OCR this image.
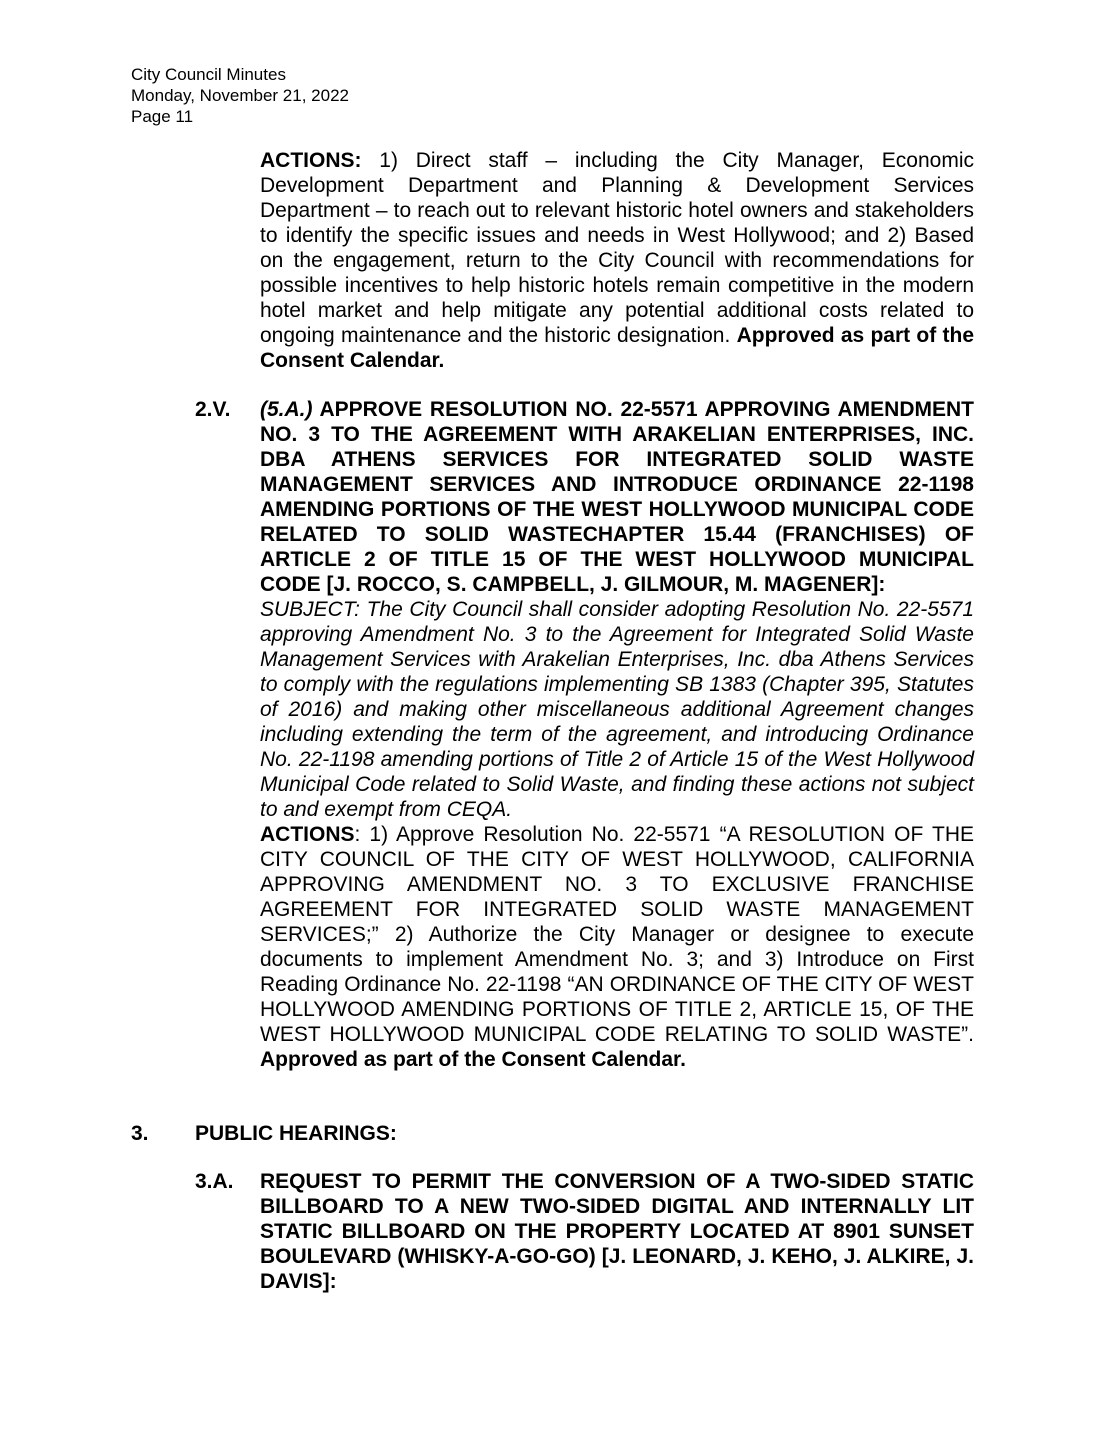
City Council Minutes
Monday, November 21, 2022
Page 11
ACTIONS: 1) Direct staff – including the City Manager, Economic Development Department and Planning & Development Services Department – to reach out to relevant historic hotel owners and stakeholders to identify the specific issues and needs in West Hollywood; and 2) Based on the engagement, return to the City Council with recommendations for possible incentives to help historic hotels remain competitive in the modern hotel market and help mitigate any potential additional costs related to ongoing maintenance and the historic designation. Approved as part of the Consent Calendar.
2.V. (5.A.) APPROVE RESOLUTION NO. 22-5571 APPROVING AMENDMENT NO. 3 TO THE AGREEMENT WITH ARAKELIAN ENTERPRISES, INC. DBA ATHENS SERVICES FOR INTEGRATED SOLID WASTE MANAGEMENT SERVICES AND INTRODUCE ORDINANCE 22-1198 AMENDING PORTIONS OF THE WEST HOLLYWOOD MUNICIPAL CODE RELATED TO SOLID WASTECHAPTER 15.44 (FRANCHISES) OF ARTICLE 2 OF TITLE 15 OF THE WEST HOLLYWOOD MUNICIPAL CODE [J. ROCCO, S. CAMPBELL, J. GILMOUR, M. MAGENER]:
SUBJECT: The City Council shall consider adopting Resolution No. 22-5571 approving Amendment No. 3 to the Agreement for Integrated Solid Waste Management Services with Arakelian Enterprises, Inc. dba Athens Services to comply with the regulations implementing SB 1383 (Chapter 395, Statutes of 2016) and making other miscellaneous additional Agreement changes including extending the term of the agreement, and introducing Ordinance No. 22-1198 amending portions of Title 2 of Article 15 of the West Hollywood Municipal Code related to Solid Waste, and finding these actions not subject to and exempt from CEQA.
ACTIONS: 1) Approve Resolution No. 22-5571 “A RESOLUTION OF THE CITY COUNCIL OF THE CITY OF WEST HOLLYWOOD, CALIFORNIA APPROVING AMENDMENT NO. 3 TO EXCLUSIVE FRANCHISE AGREEMENT FOR INTEGRATED SOLID WASTE MANAGEMENT SERVICES;” 2) Authorize the City Manager or designee to execute documents to implement Amendment No. 3; and 3) Introduce on First Reading Ordinance No. 22-1198 “AN ORDINANCE OF THE CITY OF WEST HOLLYWOOD AMENDING PORTIONS OF TITLE 2, ARTICLE 15, OF THE WEST HOLLYWOOD MUNICIPAL CODE RELATING TO SOLID WASTE”. Approved as part of the Consent Calendar.
3. PUBLIC HEARINGS:
3.A. REQUEST TO PERMIT THE CONVERSION OF A TWO-SIDED STATIC BILLBOARD TO A NEW TWO-SIDED DIGITAL AND INTERNALLY LIT STATIC BILLBOARD ON THE PROPERTY LOCATED AT 8901 SUNSET BOULEVARD (WHISKY-A-GO-GO) [J. LEONARD, J. KEHO, J. ALKIRE, J. DAVIS]:
